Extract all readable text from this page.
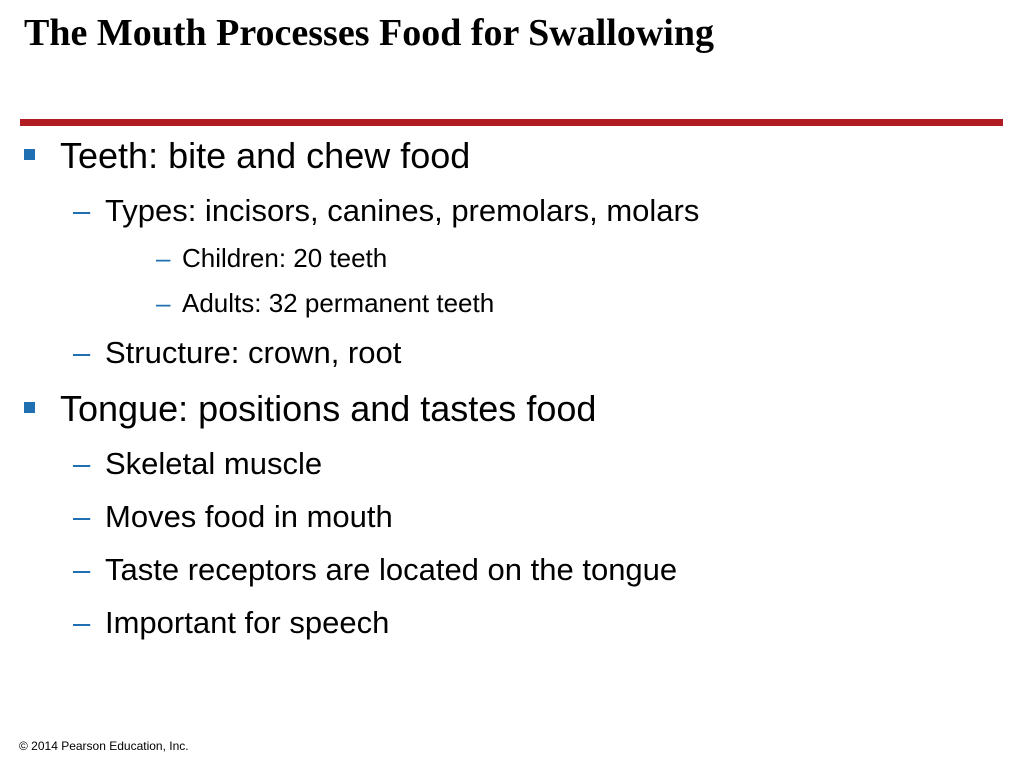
The Mouth Processes Food for Swallowing
Teeth: bite and chew food
– Types: incisors, canines, premolars, molars
– Children: 20 teeth
– Adults: 32 permanent teeth
– Structure: crown, root
Tongue: positions and tastes food
– Skeletal muscle
– Moves food in mouth
– Taste receptors are located on the tongue
– Important for speech
© 2014 Pearson Education, Inc.
